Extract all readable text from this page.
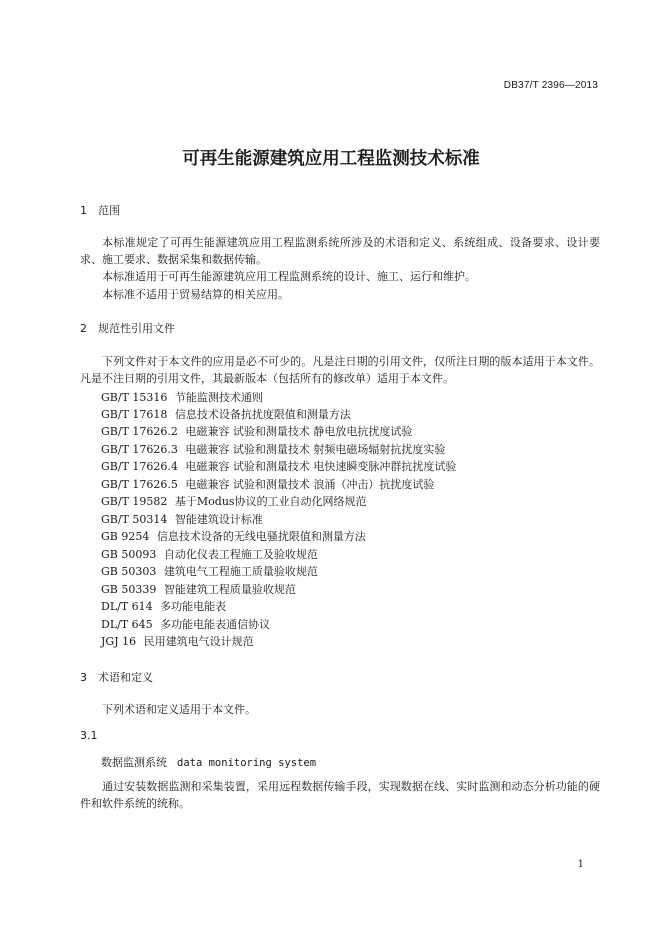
DB37/T 2396—2013
可再生能源建筑应用工程监测技术标准
1 范围
本标准规定了可再生能源建筑应用工程监测系统所涉及的术语和定义、系统组成、设备要求、设计要求、施工要求、数据采集和数据传输。
本标准适用于可再生能源建筑应用工程监测系统的设计、施工、运行和维护。
本标准不适用于贸易结算的相关应用。
2 规范性引用文件
下列文件对于本文件的应用是必不可少的。凡是注日期的引用文件，仅所注日期的版本适用于本文件。凡是不注日期的引用文件，其最新版本（包括所有的修改单）适用于本文件。
GB/T 15316 节能监测技术通则
GB/T 17618 信息技术设备抗扰度限值和测量方法
GB/T 17626.2 电磁兼容 试验和测量技术 静电放电抗扰度试验
GB/T 17626.3 电磁兼容 试验和测量技术 射频电磁场辐射抗扰度实验
GB/T 17626.4 电磁兼容 试验和测量技术 电快速瞬变脉冲群抗扰度试验
GB/T 17626.5 电磁兼容 试验和测量技术 浪涌（冲击）抗扰度试验
GB/T 19582 基于Modus协议的工业自动化网络规范
GB/T 50314 智能建筑设计标准
GB 9254 信息技术设备的无线电骚扰限值和测量方法
GB 50093 自动化仪表工程施工及验收规范
GB 50303 建筑电气工程施工质量验收规范
GB 50339 智能建筑工程质量验收规范
DL/T 614 多功能电能表
DL/T 645 多功能电能表通信协议
JGJ 16 民用建筑电气设计规范
3 术语和定义
下列术语和定义适用于本文件。
3.1
数据监测系统 data monitoring system
通过安装数据监测和采集装置，采用远程数据传输手段，实现数据在线、实时监测和动态分析功能的硬件和软件系统的统称。
1
